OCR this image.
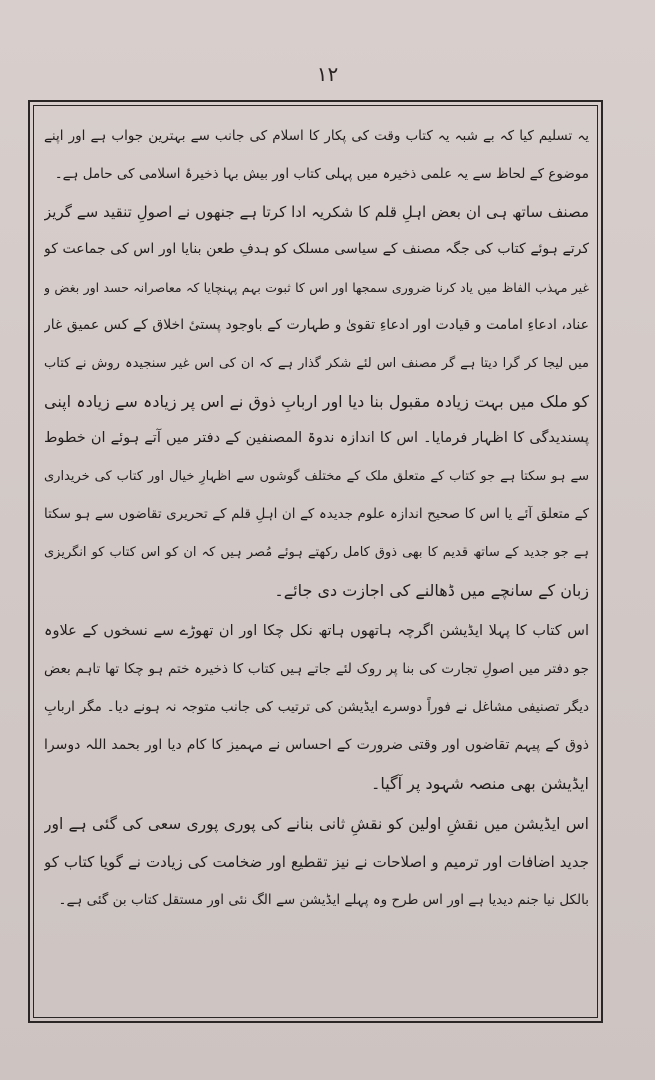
۱۲
یہ تسلیم کیا کہ بے شبہ یہ کتاب وقت کی پکار کا اسلام کی جانب سے بہترین جواب ہے اور اپنے
موضوع کے لحاظ سے یہ علمی ذخیرہ میں پہلی کتاب اور بیش بہا ذخیرۂ اسلامی کی حامل ہے۔
مصنف ساتھ ہی ان بعض اہلِ قلم کا شکریہ ادا کرتا ہے جنھوں نے اصولِ تنقید سے گریز
کرتے ہوئے کتاب کی جگہ مصنف کے سیاسی مسلک کو ہدفِ طعن بنایا اور اس کی جماعت کو
غیر مہذب الفاظ میں یاد کرنا ضروری سمجھا اور اس کا ثبوت بہم پہنچایا کہ معاصرانہ حسد اور بغض و
عناد، ادعاءِ امامت و قیادت اور ادعاءِ تقویٰ و طہارت کے باوجود پستیٔ اخلاق کے کس عمیق غار
میں لیجا کر گرا دیتا ہے گر مصنف اس لئے شکر گذار ہے کہ ان کی اس غیر سنجیدہ روش نے کتاب
کو ملک میں بہت زیادہ مقبول بنا دیا اور اربابِ ذوق نے اس پر زیادہ سے زیادہ اپنی
پسندیدگی کا اظہار فرمایا۔ اس کا اندازہ ندوۃ المصنفین کے دفتر میں آتے ہوئے ان خطوط
سے ہو سکتا ہے جو کتاب کے متعلق ملک کے مختلف گوشوں سے اظہارِ خیال اور کتاب کی خریداری
کے متعلق آئے یا اس کا صحیح اندازہ علوم جدیدہ کے ان اہلِ قلم کے تحریری تقاضوں سے ہو سکتا
ہے جو جدید کے ساتھ قدیم کا بھی ذوق کامل رکھتے ہوئے مُصر ہیں کہ ان کو اس کتاب کو انگریزی
زبان کے سانچے میں ڈھالنے کی اجازت دی جائے۔
اس کتاب کا پہلا ایڈیشن اگرچہ ہاتھوں ہاتھ نکل چکا اور ان تھوڑے سے نسخوں کے علاوہ
جو دفتر میں اصولِ تجارت کی بنا پر روک لئے جاتے ہیں کتاب کا ذخیرہ ختم ہو چکا تھا تاہم بعض
دیگر تصنیفی مشاغل نے فوراً دوسرے ایڈیشن کی ترتیب کی جانب متوجہ نہ ہونے دیا۔ مگر اربابِ
ذوق کے پیہم تقاضوں اور وقتی ضرورت کے احساس نے مہمیز کا کام دیا اور بحمد اللہ دوسرا
ایڈیشن بھی منصہ شہود پر آگیا۔
اس ایڈیشن میں نقشِ اولین کو نقشِ ثانی بنانے کی پوری پوری سعی کی گئی ہے اور
جدید اضافات اور ترمیم و اصلاحات نے نیز تقطیع اور ضخامت کی زیادت نے گویا کتاب کو
بالکل نیا جنم دیدیا ہے اور اس طرح وہ پہلے ایڈیشن سے الگ نئی اور مستقل کتاب بن گئی ہے۔
